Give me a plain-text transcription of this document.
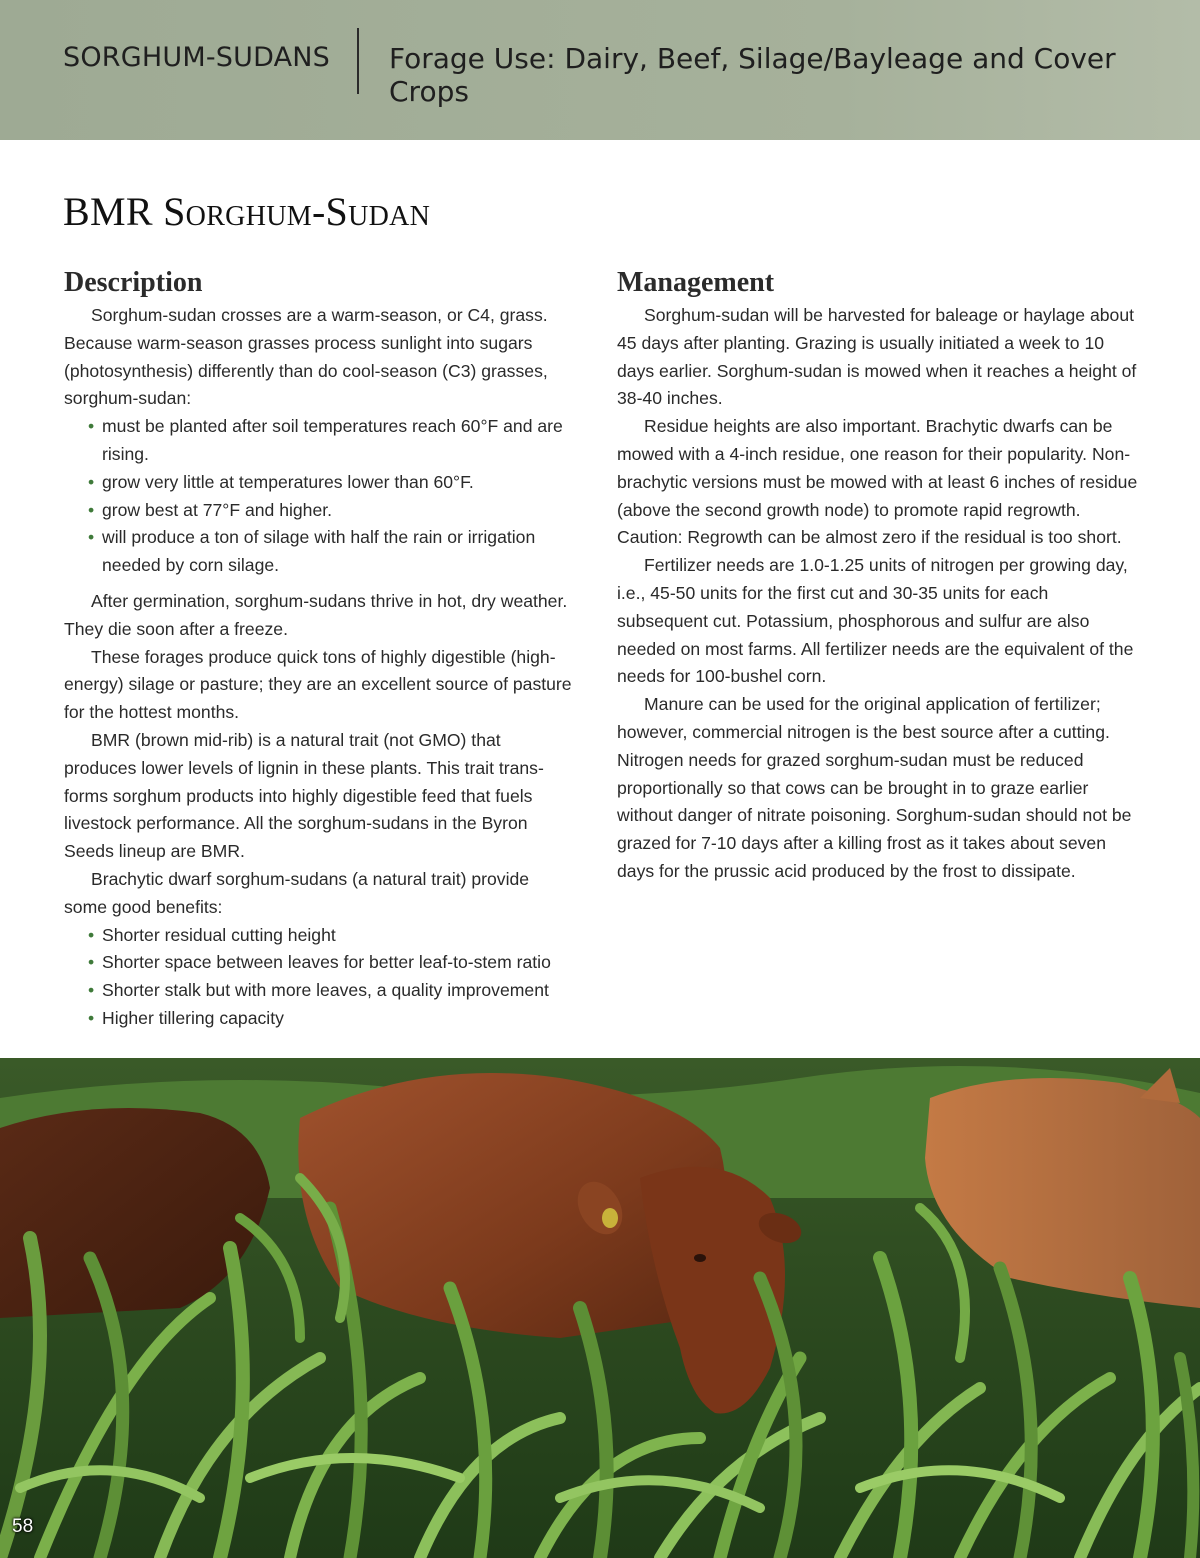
SORGHUM-SUDANS Forage Use: Dairy, Beef, Silage/Bayleage and Cover Crops
BMR Sorghum-Sudan
Description

Sorghum-sudan crosses are a warm-season, or C4, grass. Because warm-season grasses process sunlight into sugars (photosynthesis) differently than do cool-season (C3) grasses, sorghum-sudan:

• must be planted after soil temperatures reach 60°F and are rising.
• grow very little at temperatures lower than 60°F.
• grow best at 77°F and higher.
• will produce a ton of silage with half the rain or irrigation needed by corn silage.

After germination, sorghum-sudans thrive in hot, dry weather. They die soon after a freeze.

These forages produce quick tons of highly digestible (high-energy) silage or pasture; they are an excellent source of pasture for the hottest months.

BMR (brown mid-rib) is a natural trait (not GMO) that produces lower levels of lignin in these plants. This trait transforms sorghum products into highly digestible feed that fuels livestock performance. All the sorghum-sudans in the Byron Seeds lineup are BMR.

Brachytic dwarf sorghum-sudans (a natural trait) provide some good benefits:

• Shorter residual cutting height
• Shorter space between leaves for better leaf-to-stem ratio
• Shorter stalk but with more leaves, a quality improvement
• Higher tillering capacity
Management

Sorghum-sudan will be harvested for baleage or haylage about 45 days after planting. Grazing is usually initiated a week to 10 days earlier. Sorghum-sudan is mowed when it reaches a height of 38-40 inches.

Residue heights are also important. Brachytic dwarfs can be mowed with a 4-inch residue, one reason for their popularity. Non-brachytic versions must be mowed with at least 6 inches of residue (above the second growth node) to promote rapid regrowth. Caution: Regrowth can be almost zero if the residual is too short.

Fertilizer needs are 1.0-1.25 units of nitrogen per growing day, i.e., 45-50 units for the first cut and 30-35 units for each subsequent cut. Potassium, phosphorous and sulfur are also needed on most farms. All fertilizer needs are the equivalent of the needs for 100-bushel corn.

Manure can be used for the original application of fertilizer; however, commercial nitrogen is the best source after a cutting. Nitrogen needs for grazed sorghum-sudan must be reduced proportionally so that cows can be brought in to graze earlier without danger of nitrate poisoning. Sorghum-sudan should not be grazed for 7-10 days after a killing frost as it takes about seven days for the prussic acid produced by the frost to dissipate.

58
